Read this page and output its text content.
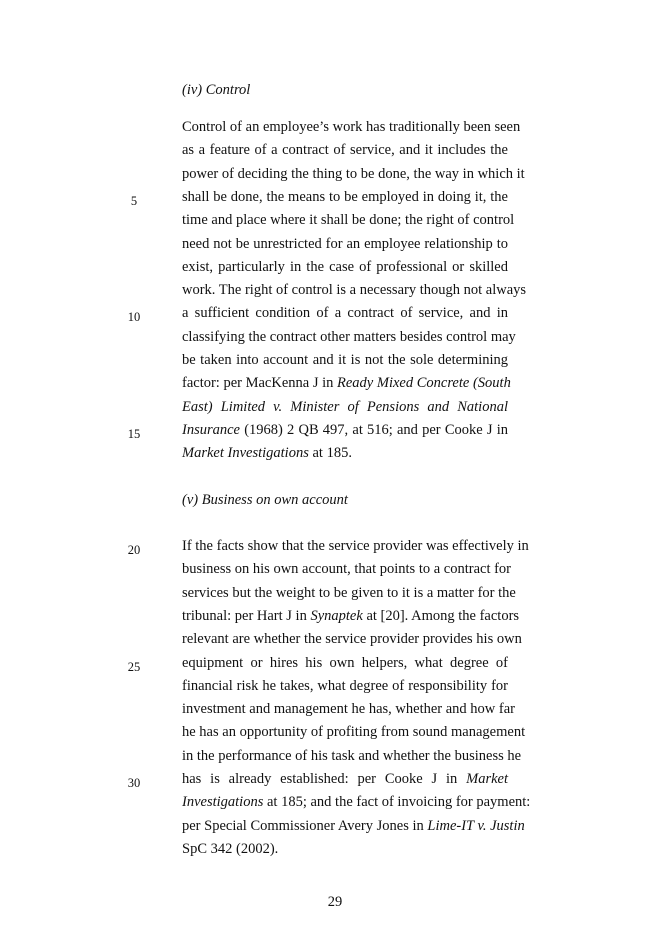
(iv) Control
Control of an employee’s work has traditionally been seen
as a feature of a contract of service, and it includes the
power of deciding the thing to be done, the way in which it
shall be done, the means to be employed in doing it, the
time and place where it shall be done; the right of control
need not be unrestricted for an employee relationship to
exist, particularly in the case of professional or skilled
work. The right of control is a necessary though not always
a sufficient condition of a contract of service, and in
classifying the contract other matters besides control may
be taken into account and it is not the sole determining
factor: per MacKenna J in Ready Mixed Concrete (South
East) Limited v. Minister of Pensions and National
Insurance (1968) 2 QB 497, at 516; and per Cooke J in
Market Investigations at 185.
(v) Business on own account
If the facts show that the service provider was effectively in
business on his own account, that points to a contract for
services but the weight to be given to it is a matter for the
tribunal: per Hart J in Synaptek at [20]. Among the factors
relevant are whether the service provider provides his own
equipment or hires his own helpers, what degree of
financial risk he takes, what degree of responsibility for
investment and management he has, whether and how far
he has an opportunity of profiting from sound management
in the performance of his task and whether the business he
has is already established: per Cooke J in Market
Investigations at 185; and the fact of invoicing for payment:
per Special Commissioner Avery Jones in Lime-IT v. Justin
SpC 342 (2002).
5
10
15
20
25
30
29
